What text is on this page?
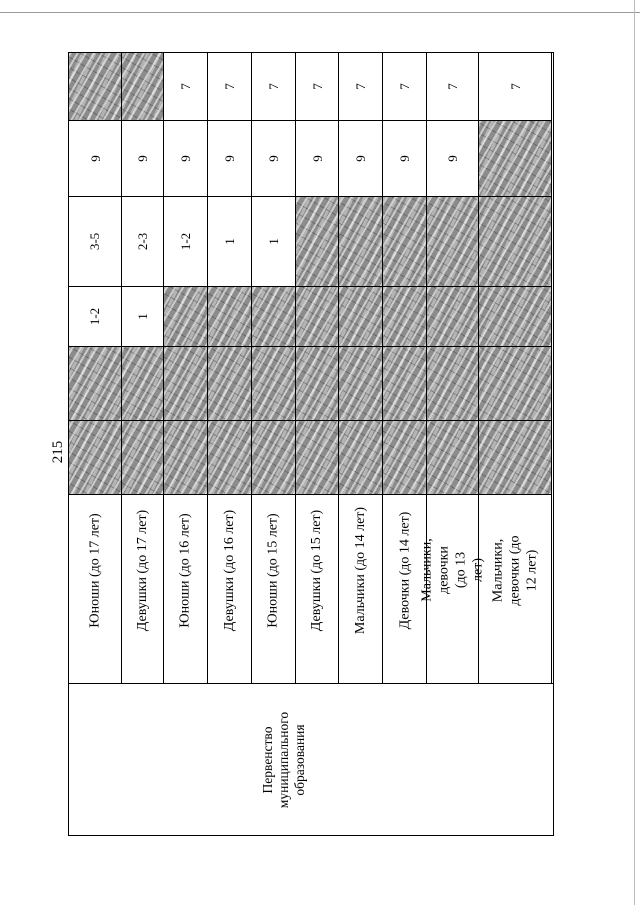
215
9
3-5
1-2
Юноши (до 17 лет)
9
2-3
1
Девушки (до 17 лет)
7
9
1-2
Юноши (до 16 лет)
7
9
1
Девушки (до 16 лет)
7
9
1
Юноши (до 15 лет)
7
9
Девушки (до 15 лет)
7
9
Мальчики (до 14 лет)
7
9
Девочки (до 14 лет)
7
9
Мальчики, девочки (до 13 лет)
7
Мальчики, девочки (до 12 лет)
Первенство муниципального образования
